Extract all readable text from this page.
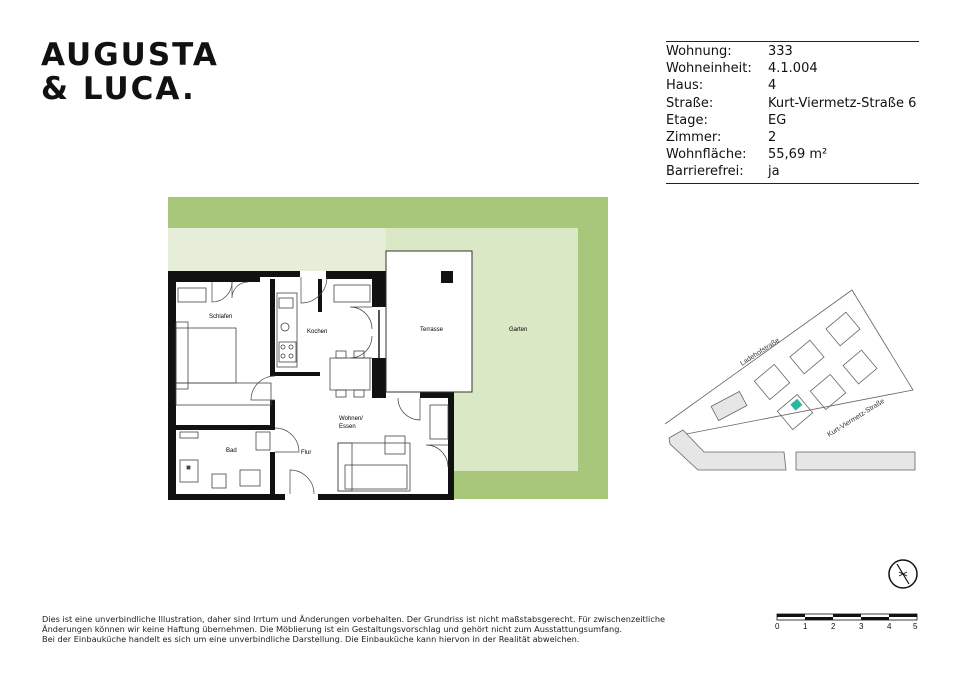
AUGUSTA
& LUCA.
Wohnung:	333
Wohneinheit:	4.1.004
Haus:	4
Straße:	Kurt-Viermetz-Straße 6
Etage:	EG
Zimmer:	2
Wohnfläche:	55,69 m²
Barrierefrei:	ja
Schlafen
Kochen	Terrasse	Garten
Wohnen/
Essen
Bad	Flur
Ladehofstraße
Kurt-Viermetz-Straße
0	1	2	3	4	5
Dies ist eine unverbindliche Illustration, daher sind Irrtum und Änderungen vorbehalten. Der Grundriss ist nicht maßstabsgerecht. Für zwischenzeitliche
Änderungen können wir keine Haftung übernehmen. Die Möblierung ist ein Gestaltungsvorschlag und gehört nicht zum Ausstattungsumfang.
Bei der Einbauküche handelt es sich um eine unverbindliche Darstellung. Die Einbauküche kann hiervon in der Realität abweichen.
